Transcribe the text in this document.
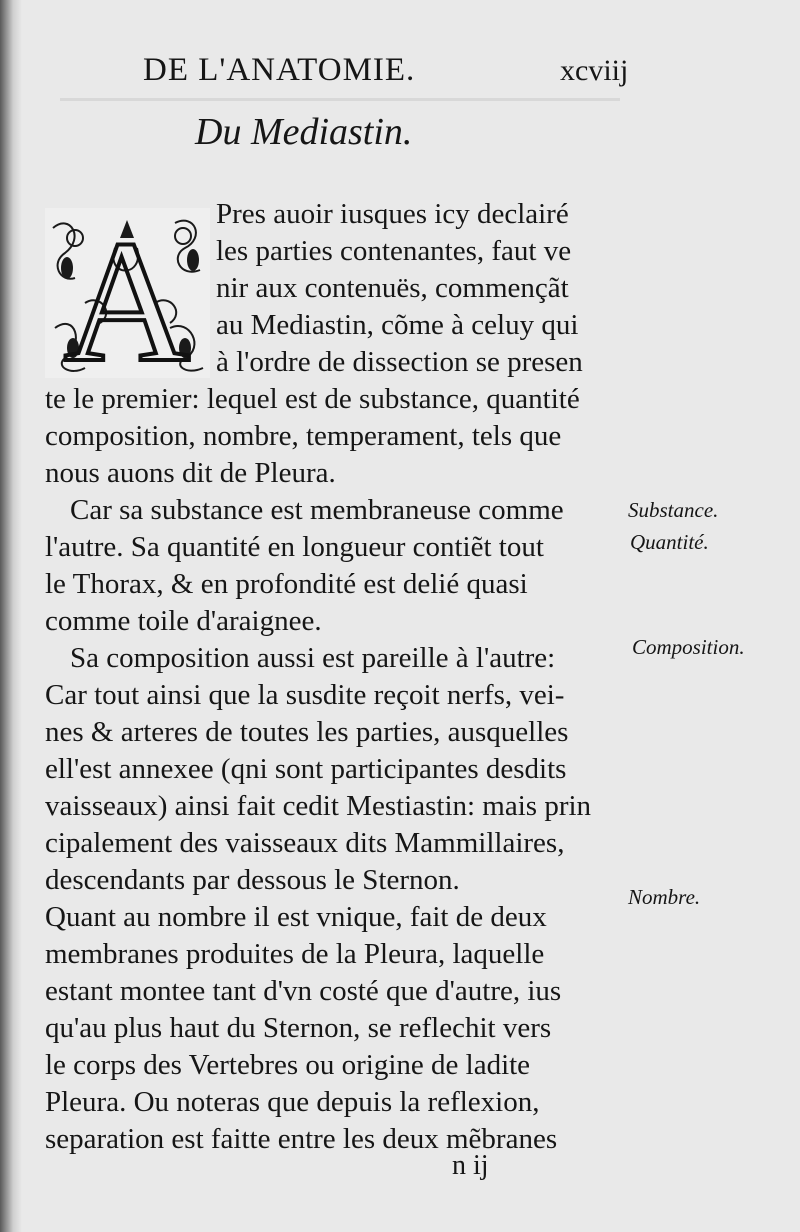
DE L'ANATOMIE.	xcviij
Du Mediastin.
A Pres auoir iusques icy declairé
les parties contenantes, faut ve
nir aux contenuës, commençãt
au Mediastin, cõme à celuy qui
à l'ordre de dissection se presen
te le premier: lequel est de substance, quantité
composition, nombre, temperament, tels que
nous auons dit de Pleura.
Car sa substance est membraneuse comme
l'autre. Sa quantité en longueur contiẽt tout
le Thorax, & en profondité est delié quasi
comme toile d'araignee.
Sa composition aussi est pareille à l'autre:
Car tout ainsi que la susdite reçoit nerfs, vei-
nes & arteres de toutes les parties, ausquelles
ell'est annexee (qni sont participantes desdits
vaisseaux) ainsi fait cedit Mestiastin: mais prin
cipalement des vaisseaux dits Mammillaires,
descendants par dessous le Sternon.
Quant au nombre il est vnique, fait de deux
membranes produites de la Pleura, laquelle
estant montee tant d'vn costé que d'autre, ius
qu'au plus haut du Sternon, se reflechit vers
le corps des Vertebres ou origine de ladite
Pleura. Ou noteras que depuis la reflexion,
separation est faitte entre les deux mẽbranes
Substance.
Quantité.
Composition.
Nombre.
n ij
